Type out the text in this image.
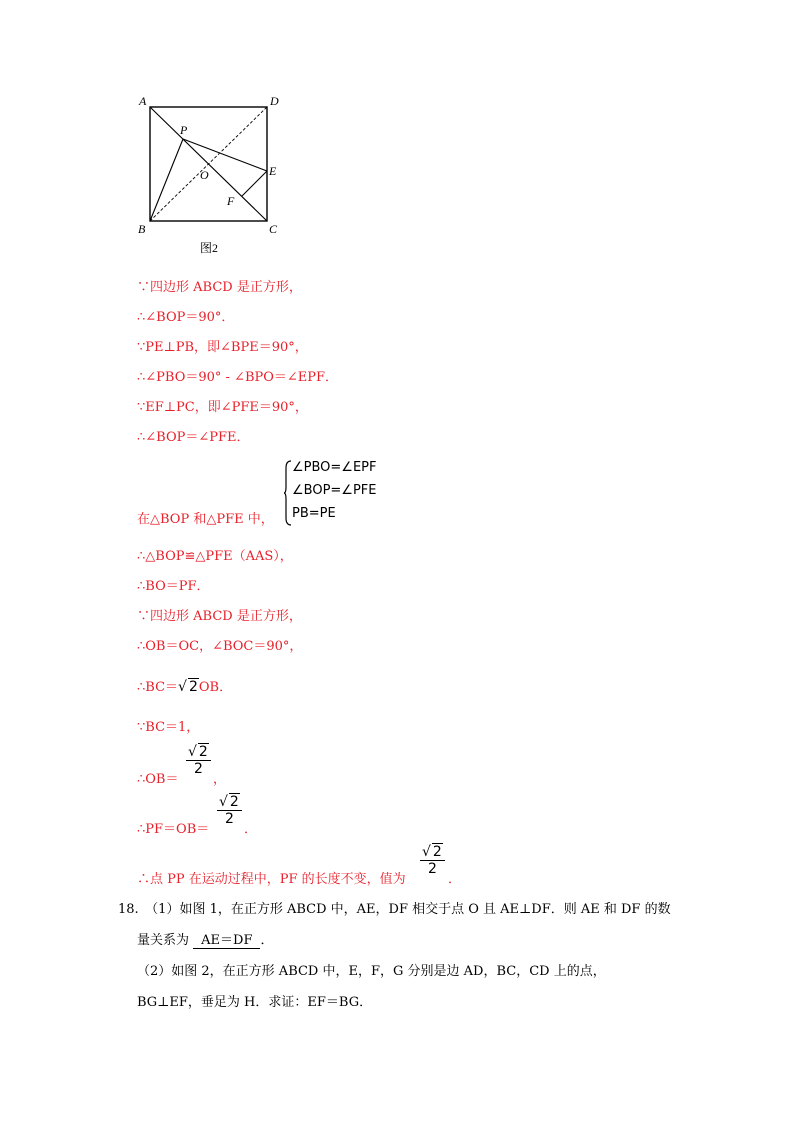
A	D
B	C
P
O	E
F
图2
∵四边形 ABCD 是正方形，
∴∠BOP＝90°．
∵PE⊥PB，即∠BPE＝90°，
∴∠PBO＝90° - ∠BPO＝∠EPF．
∵EF⊥PC，即∠PFE＝90°，
∴∠BOP＝∠PFE．
∠PBO=∠EPF
∠BOP=∠PFE
PB=PE
在△BOP 和△PFE 中，
∴△BOP≌△PFE（AAS），
∴BO＝PF．
∵四边形 ABCD 是正方形，
∴OB＝OC，∠BOC＝90°，
∴BC＝√ 2OB．
∵BC＝1，
∴OB＝
$\frac{√ 2}{2}$
，
∴PF＝OB＝
$\frac{√ 2}{2}$
．
∴点 PP 在运动过程中，PF 的长度不变，值为
$\frac{√ 2}{2}$
．
18.　（1）如图 1，在正方形 ABCD 中，AE，DF 相交于点 O 且 AE⊥DF．则 AE 和 DF 的数
量关系为 AE＝DF ．
（2）如图 2，在正方形 ABCD 中，E，F，G 分别是边 AD，BC，CD 上的点，
BG⊥EF，垂足为 H．求证：EF＝BG．
